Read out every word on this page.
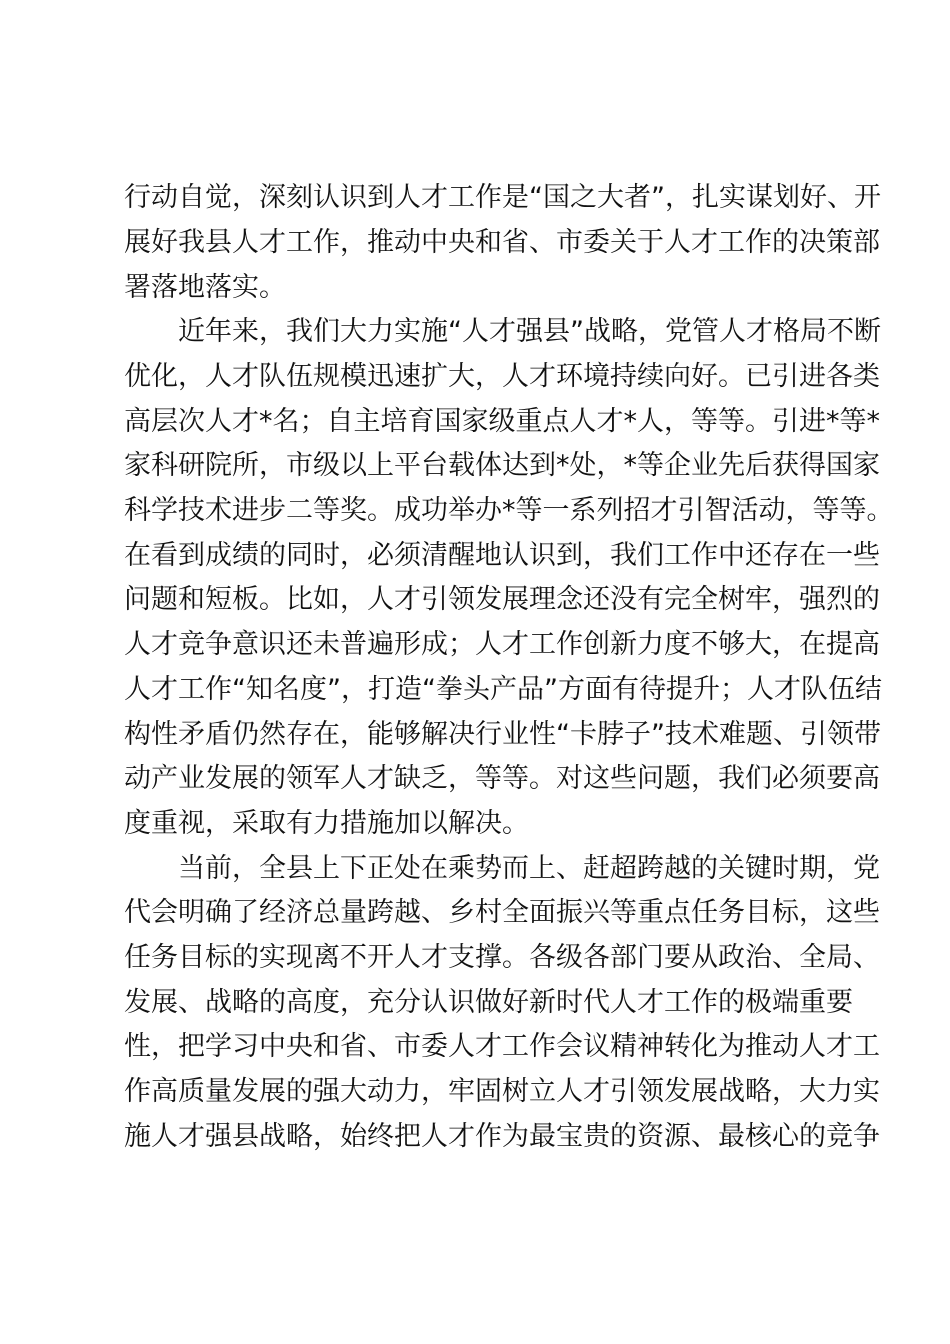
行动自觉，深刻认识到人才工作是“国之大者”，扎实谋划好、开
展好我县人才工作，推动中央和省、市委关于人才工作的决策部
署落地落实。
近年来，我们大力实施“人才强县”战略，党管人才格局不断
优化，人才队伍规模迅速扩大，人才环境持续向好。已引进各类
高层次人才*名；自主培育国家级重点人才*人，等等。引进*等*
家科研院所，市级以上平台载体达到*处，*等企业先后获得国家
科学技术进步二等奖。成功举办*等一系列招才引智活动，等等。
在看到成绩的同时，必须清醒地认识到，我们工作中还存在一些
问题和短板。比如，人才引领发展理念还没有完全树牢，强烈的
人才竞争意识还未普遍形成；人才工作创新力度不够大，在提高
人才工作“知名度”，打造“拳头产品”方面有待提升；人才队伍结
构性矛盾仍然存在，能够解决行业性“卡脖子”技术难题、引领带
动产业发展的领军人才缺乏，等等。对这些问题，我们必须要高
度重视，采取有力措施加以解决。
当前，全县上下正处在乘势而上、赶超跨越的关键时期，党
代会明确了经济总量跨越、乡村全面振兴等重点任务目标，这些
任务目标的实现离不开人才支撑。各级各部门要从政治、全局、
发展、战略的高度，充分认识做好新时代人才工作的极端重要
性，把学习中央和省、市委人才工作会议精神转化为推动人才工
作高质量发展的强大动力，牢固树立人才引领发展战略，大力实
施人才强县战略，始终把人才作为最宝贵的资源、最核心的竞争
